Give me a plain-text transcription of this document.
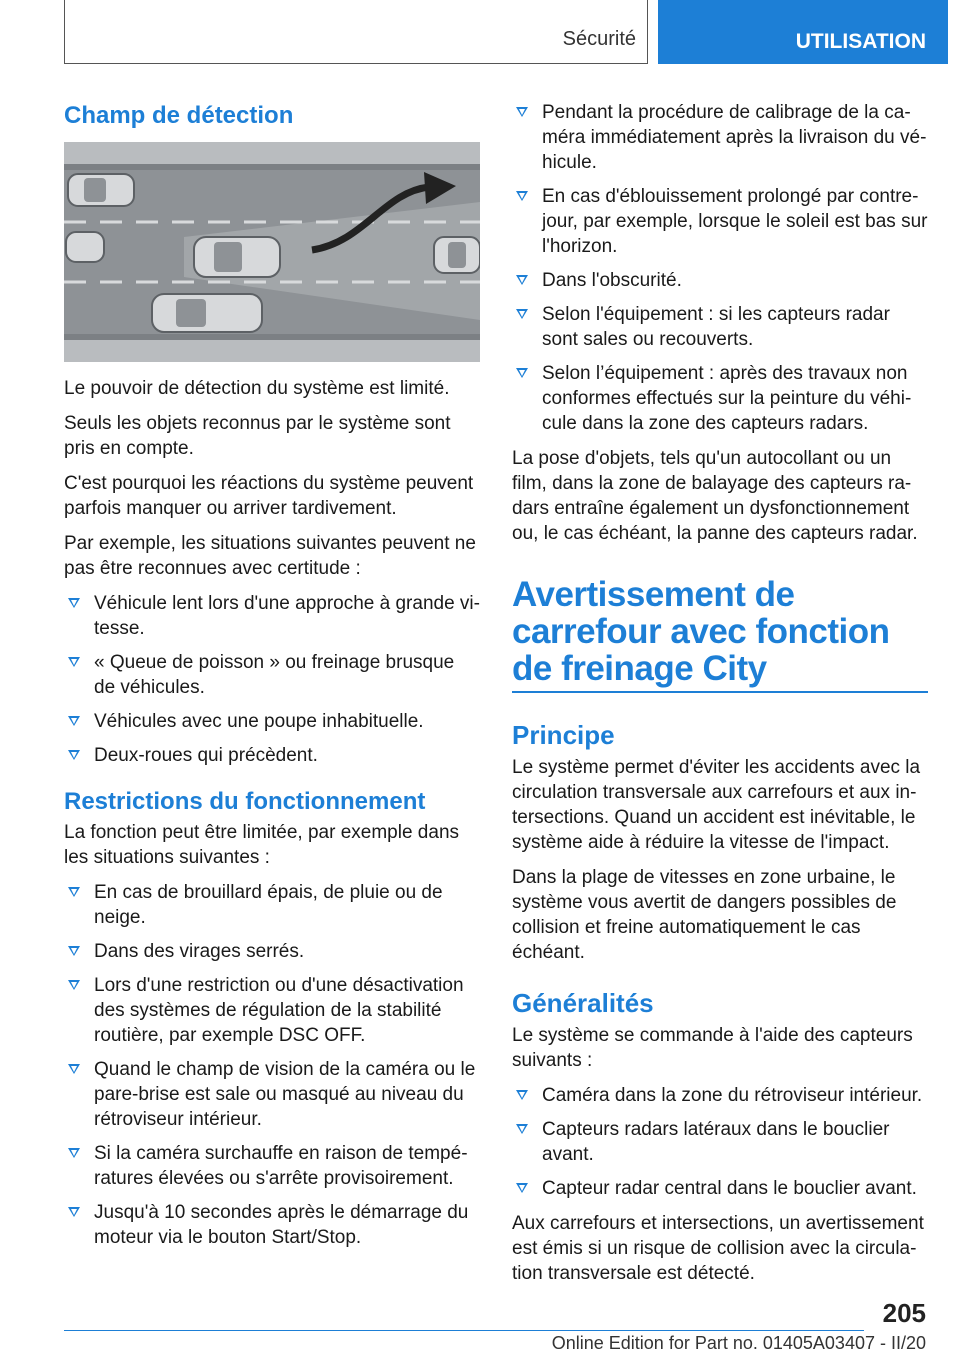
Sécurité	UTILISATION
Champ de détection

Le pouvoir de détection du système est limité.

Seuls les objets reconnus par le système sont pris en compte.

C'est pourquoi les réactions du système peuvent parfois manquer ou arriver tardivement.

Par exemple, les situations suivantes peuvent ne pas être reconnues avec certitude :

Véhicule lent lors d'une approche à grande vitesse.
« Queue de poisson » ou freinage brusque de véhicules.
Véhicules avec une poupe inhabituelle.
Deux-roues qui précèdent.
Restrictions du fonctionnement

La fonction peut être limitée, par exemple dans les situations suivantes :

En cas de brouillard épais, de pluie ou de neige.
Dans des virages serrés.
Lors d'une restriction ou d'une désactivation des systèmes de régulation de la stabilité routière, par exemple DSC OFF.
Quand le champ de vision de la caméra ou le pare-brise est sale ou masqué au niveau du rétroviseur intérieur.
Si la caméra surchauffe en raison de températures élevées ou s'arrête provisoirement.
Jusqu'à 10 secondes après le démarrage du moteur via le bouton Start/Stop.
Pendant la procédure de calibrage de la caméra immédiatement après la livraison du véhicule.
En cas d'éblouissement prolongé par contrejour, par exemple, lorsque le soleil est bas sur l'horizon.
Dans l'obscurité.
Selon l'équipement : si les capteurs radar sont sales ou recouverts.
Selon l’équipement : après des travaux non conformes effectués sur la peinture du véhicule dans la zone des capteurs radars.

La pose d'objets, tels qu'un autocollant ou un film, dans la zone de balayage des capteurs radars entraîne également un dysfonctionnement ou, le cas échéant, la panne des capteurs radar.

Avertissement de carrefour avec fonction de freinage City
Principe

Le système permet d'éviter les accidents avec la circulation transversale aux carrefours et aux intersections. Quand un accident est inévitable, le système aide à réduire la vitesse de l'impact.

Dans la plage de vitesses en zone urbaine, le système vous avertit de dangers possibles de collision et freine automatiquement le cas échéant.

Généralités

Le système se commande à l'aide des capteurs suivants :

Caméra dans la zone du rétroviseur intérieur.
Capteurs radars latéraux dans le bouclier avant.
Capteur radar central dans le bouclier avant.

Aux carrefours et intersections, un avertissement est émis si un risque de collision avec la circulation transversale est détecté.

205
Online Edition for Part no. 01405A03407 - II/20
